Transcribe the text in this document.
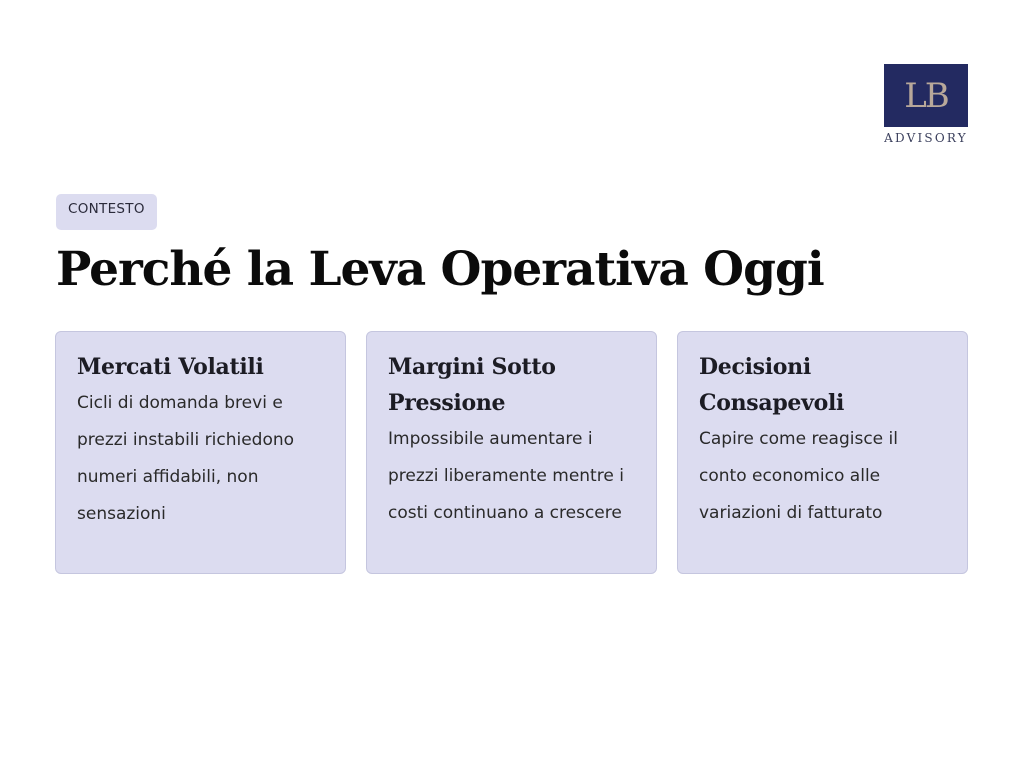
LB
ADVISORY
CONTESTO
Perché la Leva Operativa Oggi
Mercati Volatili

Cicli di domanda brevi e prezzi instabili richiedono numeri affidabili, non sensazioni

Margini Sotto Pressione

Impossibile aumentare i prezzi liberamente mentre i costi continuano a crescere

Decisioni Consapevoli

Capire come reagisce il conto economico alle variazioni di fatturato
